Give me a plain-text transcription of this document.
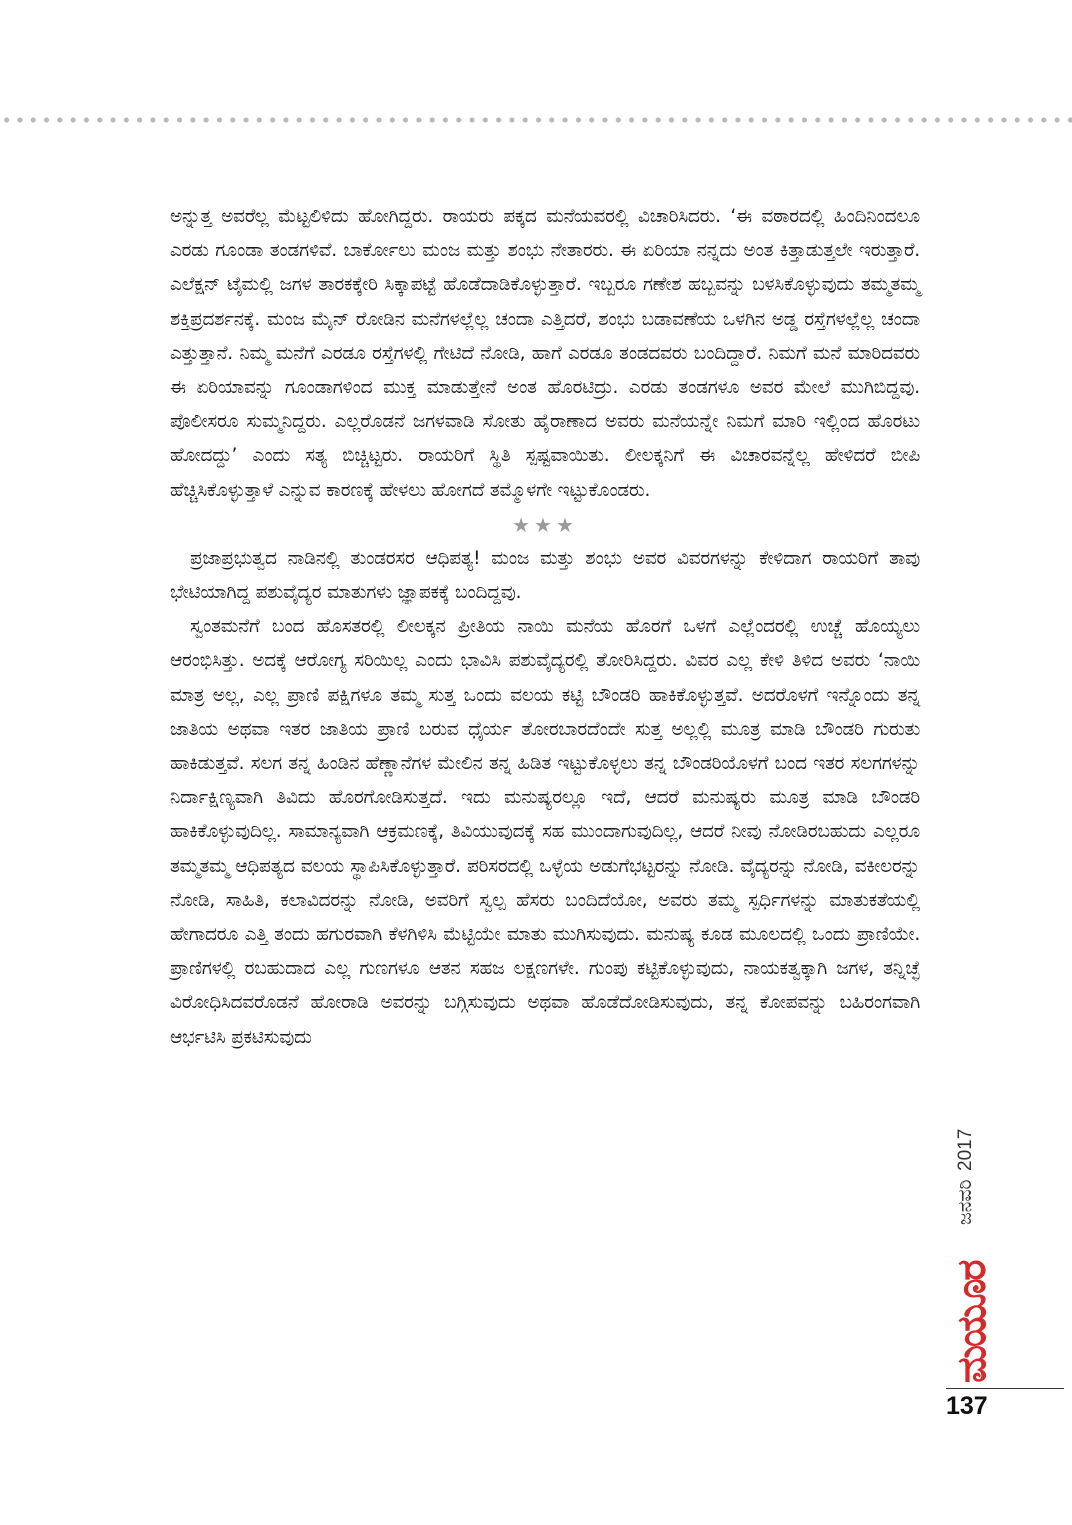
ಅನ್ನುತ್ತ ಅವರೆಲ್ಲ ಮೆಟ್ಟಲಿಳಿದು ಹೋಗಿದ್ದರು. ರಾಯರು ಪಕ್ಕದ ಮನೆಯವರಲ್ಲಿ ವಿಚಾರಿಸಿದರು. ‘ಈ ವಠಾರದಲ್ಲಿ ಹಿಂದಿನಿಂದಲೂ ಎರಡು ಗೂಂಡಾ ತಂಡಗಳಿವೆ. ಬಾರ್ಕೋಲು ಮಂಜ ಮತ್ತು ಶಂಭು ನೇತಾರರು. ಈ ಏರಿಯಾ ನನ್ನದು ಅಂತ ಕಿತ್ತಾಡುತ್ತಲೇ ಇರುತ್ತಾರೆ. ಎಲೆಕ್ಷನ್ ಟೈಮಲ್ಲಿ ಜಗಳ ತಾರಕಕ್ಕೇರಿ ಸಿಕ್ಕಾಪಟ್ಟೆ ಹೊಡೆದಾಡಿಕೊಳ್ಳುತ್ತಾರೆ. ಇಬ್ಬರೂ ಗಣೇಶ ಹಬ್ಬವನ್ನು ಬಳಸಿಕೊಳ್ಳುವುದು ತಮ್ಮತಮ್ಮ ಶಕ್ತಿಪ್ರದರ್ಶನಕ್ಕೆ. ಮಂಜ ಮೈನ್ ರೋಡಿನ ಮನೆಗಳಲ್ಲೆಲ್ಲ ಚಂದಾ ಎತ್ತಿದರೆ, ಶಂಭು ಬಡಾವಣೆಯ ಒಳಗಿನ ಅಡ್ಡ ರಸ್ತೆಗಳಲ್ಲೆಲ್ಲ ಚಂದಾ ಎತ್ತುತ್ತಾನೆ. ನಿಮ್ಮ ಮನೆಗೆ ಎರಡೂ ರಸ್ತೆಗಳಲ್ಲಿ ಗೇಟಿದೆ ನೋಡಿ, ಹಾಗೆ ಎರಡೂ ತಂಡದವರು ಬಂದಿದ್ದಾರೆ. ನಿಮಗೆ ಮನೆ ಮಾರಿದವರು ಈ ಏರಿಯಾವನ್ನು ಗೂಂಡಾಗಳಿಂದ ಮುಕ್ತ ಮಾಡುತ್ತೇನೆ ಅಂತ ಹೊರಟಿದ್ರು. ಎರಡು ತಂಡಗಳೂ ಅವರ ಮೇಲೆ ಮುಗಿಬಿದ್ದವು. ಪೊಲೀಸರೂ ಸುಮ್ಮನಿದ್ದರು. ಎಲ್ಲರೊಡನೆ ಜಗಳವಾಡಿ ಸೋತು ಹೈರಾಣಾದ ಅವರು ಮನೆಯನ್ನೇ ನಿಮಗೆ ಮಾರಿ ಇಲ್ಲಿಂದ ಹೊರಟು ಹೋದದ್ದು’ ಎಂದು ಸತ್ಯ ಬಿಚ್ಚಿಟ್ಟರು. ರಾಯರಿಗೆ ಸ್ಥಿತಿ ಸ್ಪಷ್ಟವಾಯಿತು. ಲೀಲಕ್ಕನಿಗೆ ಈ ವಿಚಾರವನ್ನೆಲ್ಲ ಹೇಳಿದರೆ ಬೀಪಿ ಹೆಚ್ಚಿಸಿಕೊಳ್ಳುತ್ತಾಳೆ ಎನ್ನುವ ಕಾರಣಕ್ಕೆ ಹೇಳಲು ಹೋಗದೆ ತಮ್ಮೊಳಗೇ ಇಟ್ಟುಕೊಂಡರು.

★★★

ಪ್ರಜಾಪ್ರಭುತ್ವದ ನಾಡಿನಲ್ಲಿ ತುಂಡರಸರ ಆಧಿಪತ್ಯ! ಮಂಜ ಮತ್ತು ಶಂಭು ಅವರ ವಿವರಗಳನ್ನು ಕೇಳಿದಾಗ ರಾಯರಿಗೆ ತಾವು ಭೇಟಿಯಾಗಿದ್ದ ಪಶುವೈದ್ಯರ ಮಾತುಗಳು ಜ್ಞಾಪಕಕ್ಕೆ ಬಂದಿದ್ದವು.

ಸ್ವಂತಮನೆಗೆ ಬಂದ ಹೊಸತರಲ್ಲಿ ಲೀಲಕ್ಕನ ಪ್ರೀತಿಯ ನಾಯಿ ಮನೆಯ ಹೊರಗೆ ಒಳಗೆ ಎಲ್ಲೆಂದರಲ್ಲಿ ಉಚ್ಚೆ ಹೊಯ್ಯಲು ಆರಂಭಿಸಿತ್ತು. ಅದಕ್ಕೆ ಆರೋಗ್ಯ ಸರಿಯಿಲ್ಲ ಎಂದು ಭಾವಿಸಿ ಪಶುವೈದ್ಯರಲ್ಲಿ ತೋರಿಸಿದ್ದರು. ವಿವರ ಎಲ್ಲ ಕೇಳಿ ತಿಳಿದ ಅವರು ‘ನಾಯಿ ಮಾತ್ರ ಅಲ್ಲ, ಎಲ್ಲ ಪ್ರಾಣಿ ಪಕ್ಷಿಗಳೂ ತಮ್ಮ ಸುತ್ತ ಒಂದು ವಲಯ ಕಟ್ಟಿ ಬೌಂಡರಿ ಹಾಕಿಕೊಳ್ಳುತ್ತವೆ. ಅದರೊಳಗೆ ಇನ್ನೊಂದು ತನ್ನ ಜಾತಿಯ ಅಥವಾ ಇತರ ಜಾತಿಯ ಪ್ರಾಣಿ ಬರುವ ಧೈರ್ಯ ತೋರಬಾರದೆಂದೇ ಸುತ್ತ ಅಲ್ಲಲ್ಲಿ ಮೂತ್ರ ಮಾಡಿ ಬೌಂಡರಿ ಗುರುತು ಹಾಕಿಡುತ್ತವೆ. ಸಲಗ ತನ್ನ ಹಿಂಡಿನ ಹೆಣ್ಣಾನೆಗಳ ಮೇಲಿನ ತನ್ನ ಹಿಡಿತ ಇಟ್ಟುಕೊಳ್ಳಲು ತನ್ನ ಬೌಂಡರಿಯೊಳಗೆ ಬಂದ ಇತರ ಸಲಗಗಳನ್ನು ನಿರ್ದಾಕ್ಷಿಣ್ಯವಾಗಿ ತಿವಿದು ಹೊರಗೋಡಿಸುತ್ತದೆ. ಇದು ಮನುಷ್ಯರಲ್ಲೂ ಇದೆ, ಆದರೆ ಮನುಷ್ಯರು ಮೂತ್ರ ಮಾಡಿ ಬೌಂಡರಿ ಹಾಕಿಕೊಳ್ಳುವುದಿಲ್ಲ. ಸಾಮಾನ್ಯವಾಗಿ ಆಕ್ರಮಣಕ್ಕೆ, ತಿವಿಯುವುದಕ್ಕೆ ಸಹ ಮುಂದಾಗುವುದಿಲ್ಲ, ಆದರೆ ನೀವು ನೋಡಿರಬಹುದು ಎಲ್ಲರೂ ತಮ್ಮತಮ್ಮ ಆಧಿಪತ್ಯದ ವಲಯ ಸ್ಥಾಪಿಸಿಕೊಳ್ಳುತ್ತಾರೆ. ಪರಿಸರದಲ್ಲಿ ಒಳ್ಳೆಯ ಅಡುಗೆಭಟ್ಟರನ್ನು ನೋಡಿ. ವೈದ್ಯರನ್ನು ನೋಡಿ, ವಕೀಲರನ್ನು ನೋಡಿ, ಸಾಹಿತಿ, ಕಲಾವಿದರನ್ನು ನೋಡಿ, ಅವರಿಗೆ ಸ್ವಲ್ಪ ಹೆಸರು ಬಂದಿದೆಯೋ, ಅವರು ತಮ್ಮ ಸ್ಪರ್ಧಿಗಳನ್ನು ಮಾತುಕತೆಯಲ್ಲಿ ಹೇಗಾದರೂ ಎತ್ತಿ ತಂದು ಹಗುರವಾಗಿ ಕೆಳಗಿಳಿಸಿ ಮೆಟ್ಟಿಯೇ ಮಾತು ಮುಗಿಸುವುದು. ಮನುಷ್ಯ ಕೂಡ ಮೂಲದಲ್ಲಿ ಒಂದು ಪ್ರಾಣಿಯೇ. ಪ್ರಾಣಿಗಳಲ್ಲಿ ರಬಹುದಾದ ಎಲ್ಲ ಗುಣಗಳೂ ಆತನ ಸಹಜ ಲಕ್ಷಣಗಳೇ. ಗುಂಪು ಕಟ್ಟಿಕೊಳ್ಳುವುದು, ನಾಯಕತ್ವಕ್ಕಾಗಿ ಜಗಳ, ತನ್ನಿಚ್ಛೆ ವಿರೋಧಿಸಿದವರೊಡನೆ ಹೋರಾಡಿ ಅವರನ್ನು ಬಗ್ಗಿಸುವುದು ಅಥವಾ ಹೊಡೆದೋಡಿಸುವುದು, ತನ್ನ ಕೋಪವನ್ನು ಬಹಿರಂಗವಾಗಿ ಆರ್ಭಟಿಸಿ ಪ್ರಕಟಿಸುವುದು

ಜನವರಿ
2017
ಮಯೂರ
137
